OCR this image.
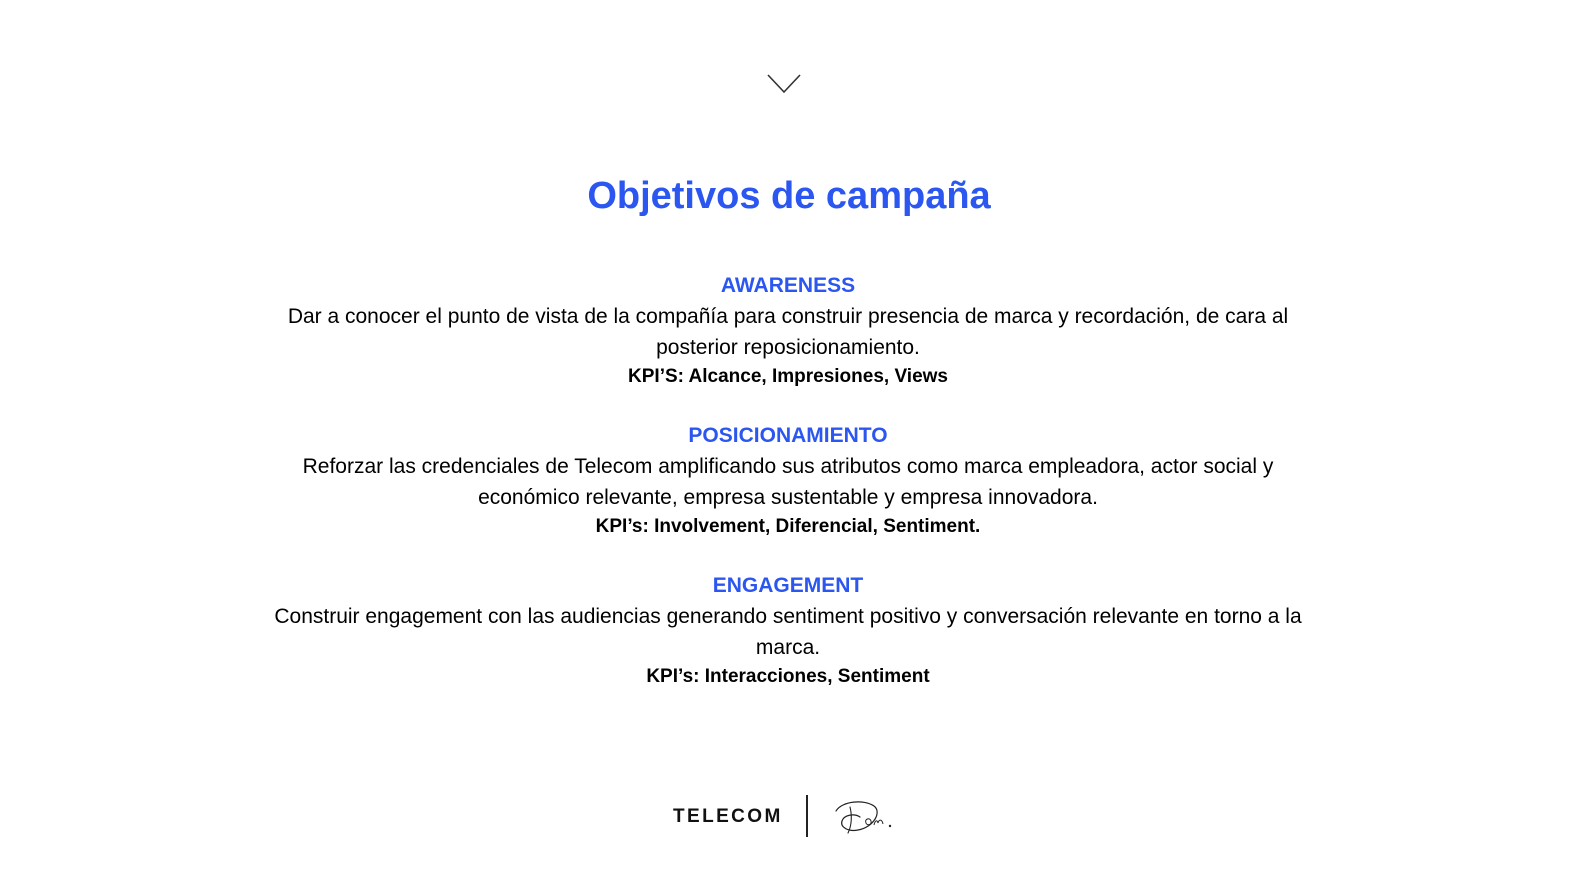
Objetivos de campaña

AWARENESS

Dar a conocer el punto de vista de la compañía para construir presencia de marca y recordación, de cara al posterior reposicionamiento.

KPI’S: Alcance, Impresiones, Views

POSICIONAMIENTO

Reforzar las credenciales de Telecom amplificando sus atributos como marca empleadora, actor social y económico relevante, empresa sustentable y empresa innovadora.

KPI’s: Involvement, Diferencial, Sentiment.

ENGAGEMENT

Construir engagement con las audiencias generando sentiment positivo y conversación relevante en torno a la marca.

KPI’s: Interacciones, Sentiment

TELECOM
